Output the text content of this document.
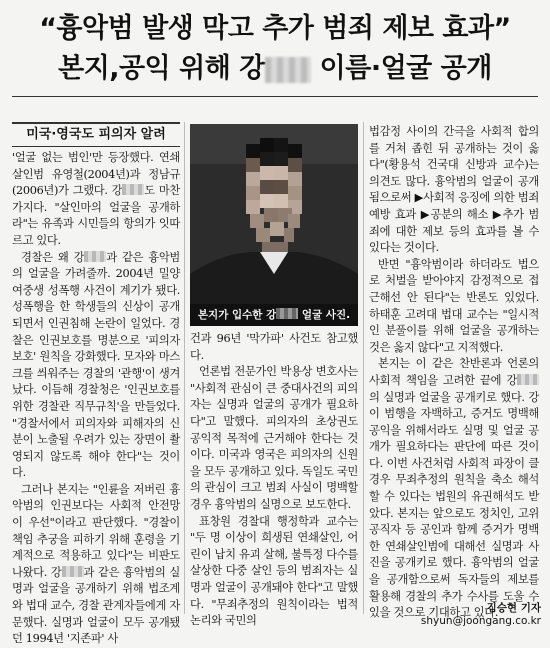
“흉악범 발생 막고 추가 범죄 제보 효과”
본지,공익 위해 강 이름·얼굴 공개
미국·영국도 피의자 알려

'얼굴 없는 범인'만 등장했다. 연쇄살인범 유영철(2004년)과 정남규(2006년)가 그랬다. 강 도 마찬가지다. "살인마의 얼굴을 공개하라"는 유족과 시민들의 항의가 잇따르고 있다.

경찰은 왜 강 과 같은 흉악범의 얼굴을 가려줄까. 2004년 밀양 여중생 성폭행 사건이 계기가 됐다. 성폭행을 한 학생들의 신상이 공개되면서 인권침해 논란이 일었다. 경찰은 인권보호를 명분으로 '피의자 보호' 원칙을 강화했다. 모자와 마스크를 씌워주는 경찰의 '관행'이 생겨났다. 이듬해 경찰청은 '인권보호를 위한 경찰관 직무규칙'을 만들었다. "경찰서에서 피의자와 피해자의 신분이 노출될 우려가 있는 장면이 촬영되지 않도록 해야 한다"는 것이다.

그러나 본지는 "인륜을 저버린 흉악범의 인권보다는 사회적 안전망이 우선"이라고 판단했다. "경찰이 책임 추궁을 피하기 위해 훈령을 기계적으로 적용하고 있다"는 비판도 나왔다. 강 과 같은 흉악범의 실명과 얼굴을 공개하기 위해 법조계와 법대 교수, 경찰 관계자들에게 자문했다. 실명과 얼굴이 모두 공개됐던 1994년 '지존파' 사

본지가 입수한 강 얼굴 사진.

건과 96년 '막가파' 사건도 참고했다.

언론법 전문가인 박용상 변호사는 "사회적 관심이 큰 중대사건의 피의자는 실명과 얼굴의 공개가 필요하다"고 말했다. 피의자의 초상권도 공익적 목적에 근거해야 한다는 것이다. 미국과 영국은 피의자의 신원을 모두 공개하고 있다. 독일도 국민의 관심이 크고 범죄 사실이 명백할 경우 흉악범의 실명으로 보도한다.

표창원 경찰대 행정학과 교수는 "두 명 이상이 희생된 연쇄살인, 어린이 납치 유괴 살해, 불특정 다수를 살상한 다중 살인 등의 범죄자는 실명과 얼굴이 공개돼야 한다"고 말했다. "무죄추정의 원칙이라는 법적 논리와 국민의

법감정 사이의 간극을 사회적 합의를 거쳐 좁힌 뒤 공개하는 것이 옳다"(황용석 건국대 신방과 교수)는 의견도 많다. 흉악범의 얼굴이 공개됨으로써 ▶사회적 응징에 의한 범죄 예방 효과 ▶공분의 해소 ▶추가 범죄에 대한 제보 등의 효과를 볼 수 있다는 것이다.

반면 "흉악범이라 하더라도 법으로 처벌을 받아야지 감정적으로 접근해선 안 된다"는 반론도 있었다. 하태훈 고려대 법대 교수는 "일시적인 분풀이를 위해 얼굴을 공개하는 것은 옳지 않다"고 지적했다.

본지는 이 같은 찬반론과 언론의 사회적 책임을 고려한 끝에 강의 실명과 얼굴을 공개키로 했다. 강이 범행을 자백하고, 증거도 명백해 공익을 위해서라도 실명 및 얼굴 공개가 필요하다는 판단에 따른 것이다. 이번 사건처럼 사회적 파장이 클 경우 무죄추정의 원칙을 축소 해석할 수 있다는 법원의 유권해석도 받았다. 본지는 앞으로도 정치인, 고위 공직자 등 공인과 함께 증거가 명백한 연쇄살인범에 대해선 실명과 사진을 공개키로 했다. 흉악범의 얼굴을 공개함으로써 독자들의 제보를 활용해 경찰의 추가 수사를 도울 수 있을 것으로 기대하고 있다.

김승현 기자 shyun@joongang.co.kr
